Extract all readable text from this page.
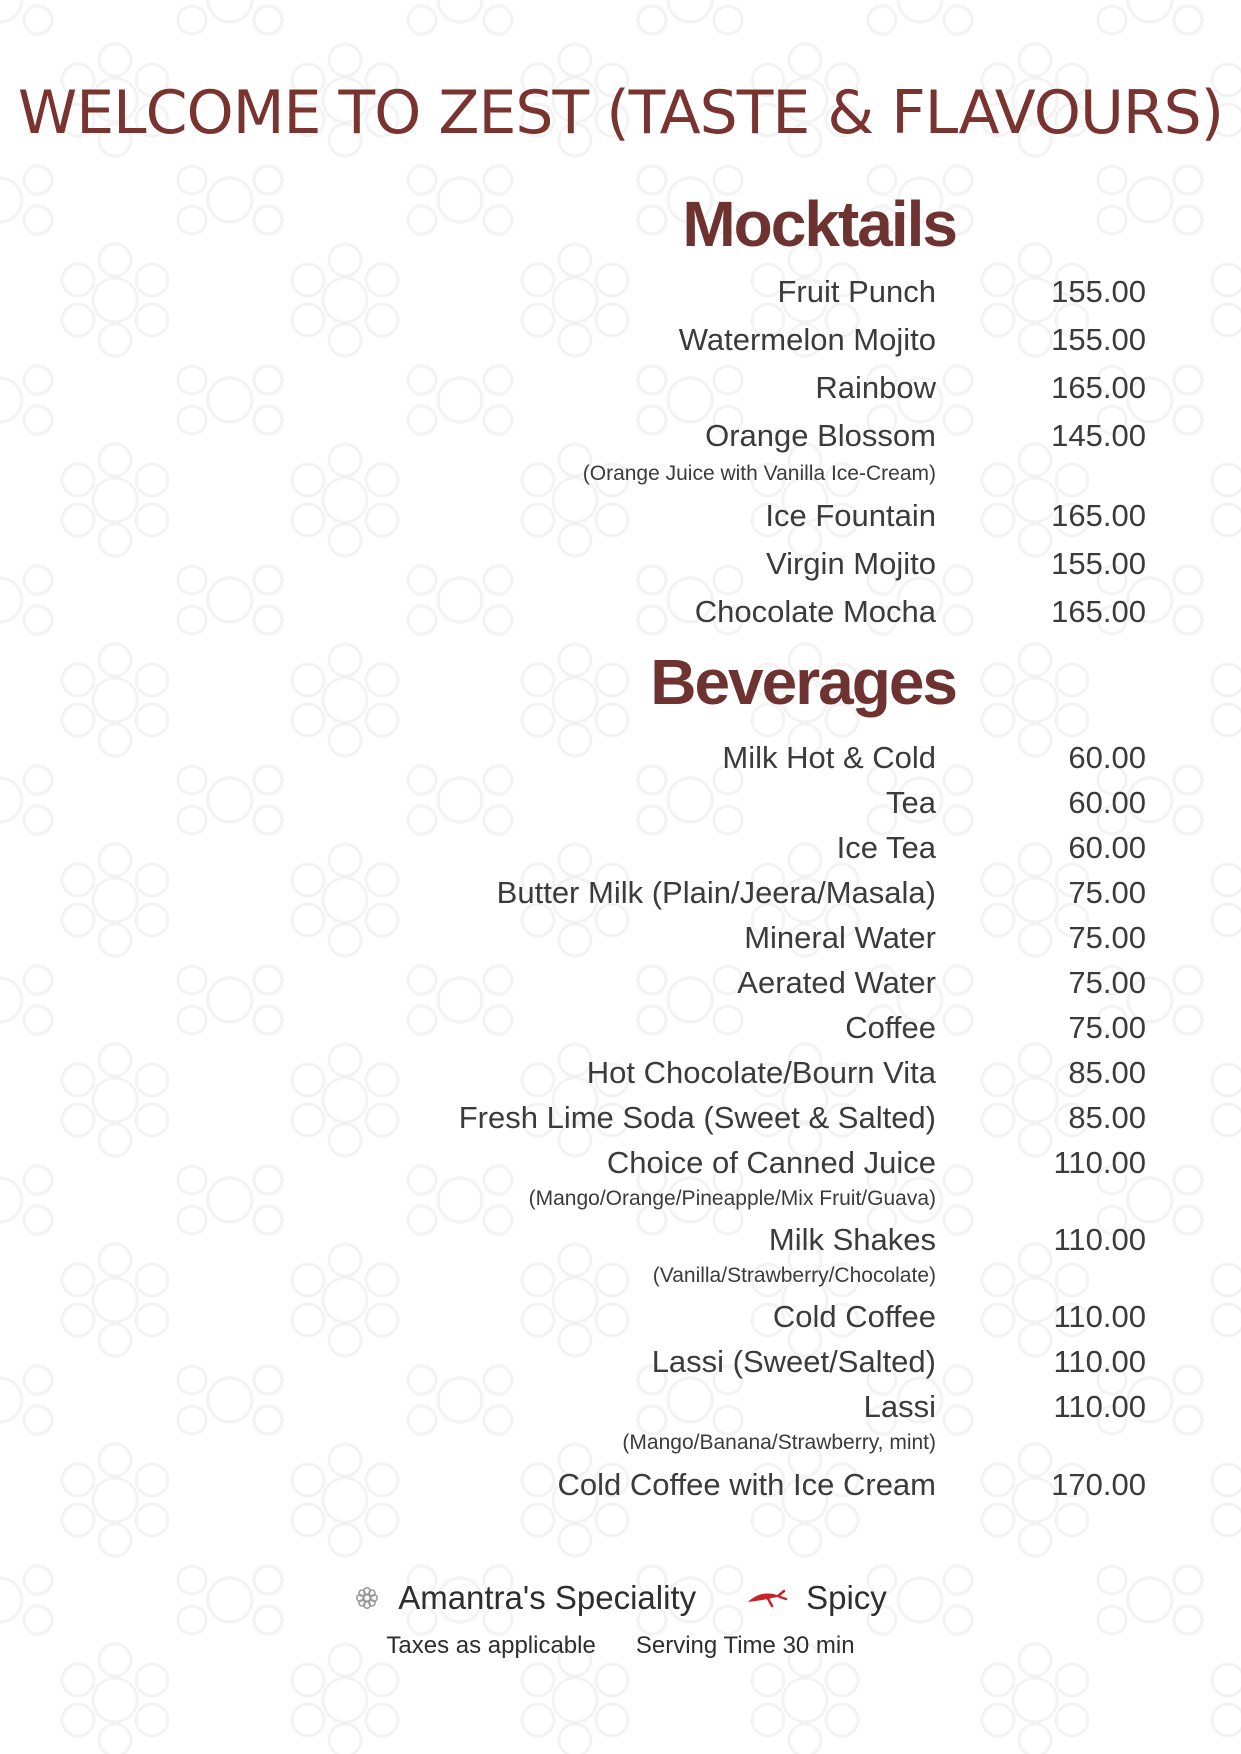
WELCOME TO ZEST (TASTE & FLAVOURS)
Mocktails
Fruit Punch	155.00
Watermelon Mojito	155.00
Rainbow	165.00
Orange Blossom	145.00
(Orange Juice with Vanilla Ice-Cream)
Ice Fountain	165.00
Virgin Mojito	155.00
Chocolate Mocha	165.00
Beverages
Milk Hot & Cold	60.00
Tea	60.00
Ice Tea	60.00
Butter Milk (Plain/Jeera/Masala)	75.00
Mineral Water	75.00
Aerated Water	75.00
Coffee	75.00
Hot Chocolate/Bourn Vita	85.00
Fresh Lime Soda (Sweet & Salted)	85.00
Choice of Canned Juice	110.00
(Mango/Orange/Pineapple/Mix Fruit/Guava)
Milk Shakes	110.00
(Vanilla/Strawberry/Chocolate)
Cold Coffee	110.00
Lassi (Sweet/Salted)	110.00
Lassi	110.00
(Mango/Banana/Strawberry, mint)
Cold Coffee with Ice Cream	170.00
Amantra's Speciality	Spicy
Taxes as applicable Serving Time 30 min
